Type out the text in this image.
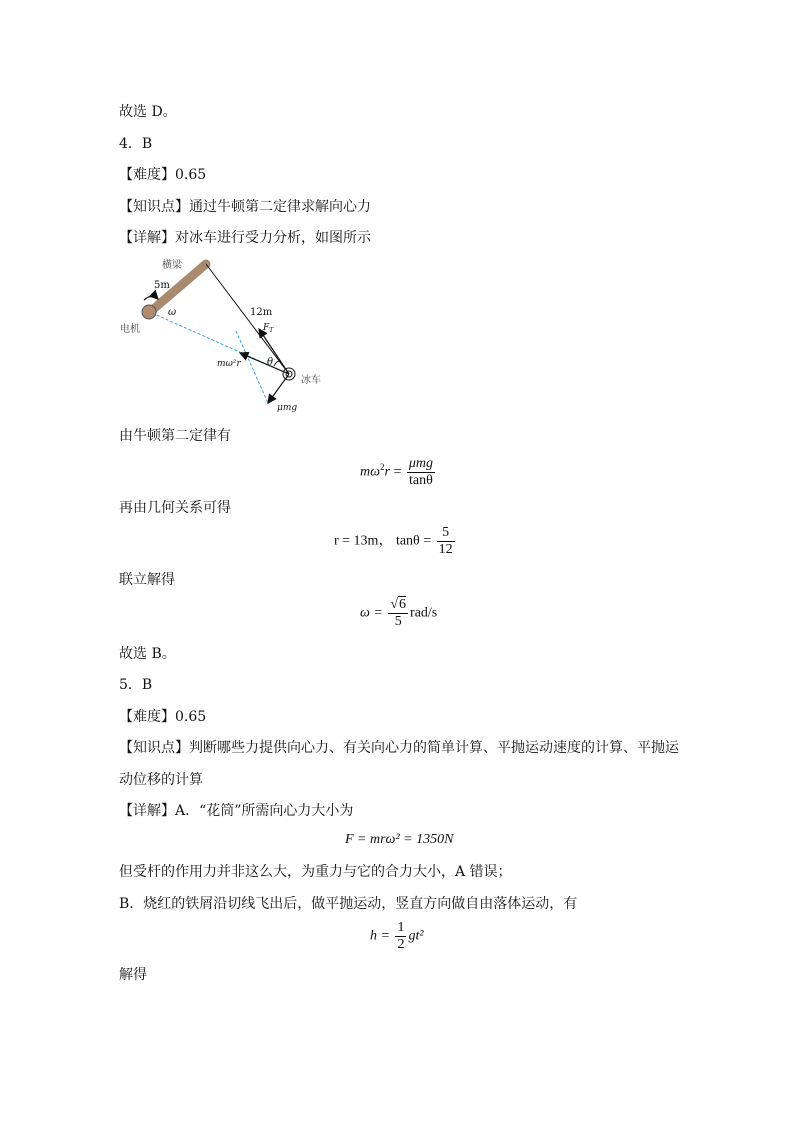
故选 D。
4．B
【难度】0.65
【知识点】通过牛顿第二定律求解向心力
【详解】对冰车进行受力分析，如图所示
横梁
5m
ω
电机
12m
$F_T$
θ
mω²r
冰车
μmg
由牛顿第二定律有
$m\omega^2r = \frac{\text{μmg}}{\tan\theta}$
再由几何关系可得
r = 13m， $\tan\theta = \frac{5}{12}$
联立解得
$\omega = \frac{√6}{5} rad/s$
故选 B。
5．B
【难度】0.65
【知识点】判断哪些力提供向心力、有关向心力的简单计算、平抛运动速度的计算、平抛运
动位移的计算
【详解】A．“花筒”所需向心力大小为
F = mrω² = 1350N
但受杆的作用力并非这么大，为重力与它的合力大小，A 错误；
B．烧红的铁屑沿切线飞出后，做平抛运动，竖直方向做自由落体运动，有
$h = \frac{1}{2} gt^2$
解得
